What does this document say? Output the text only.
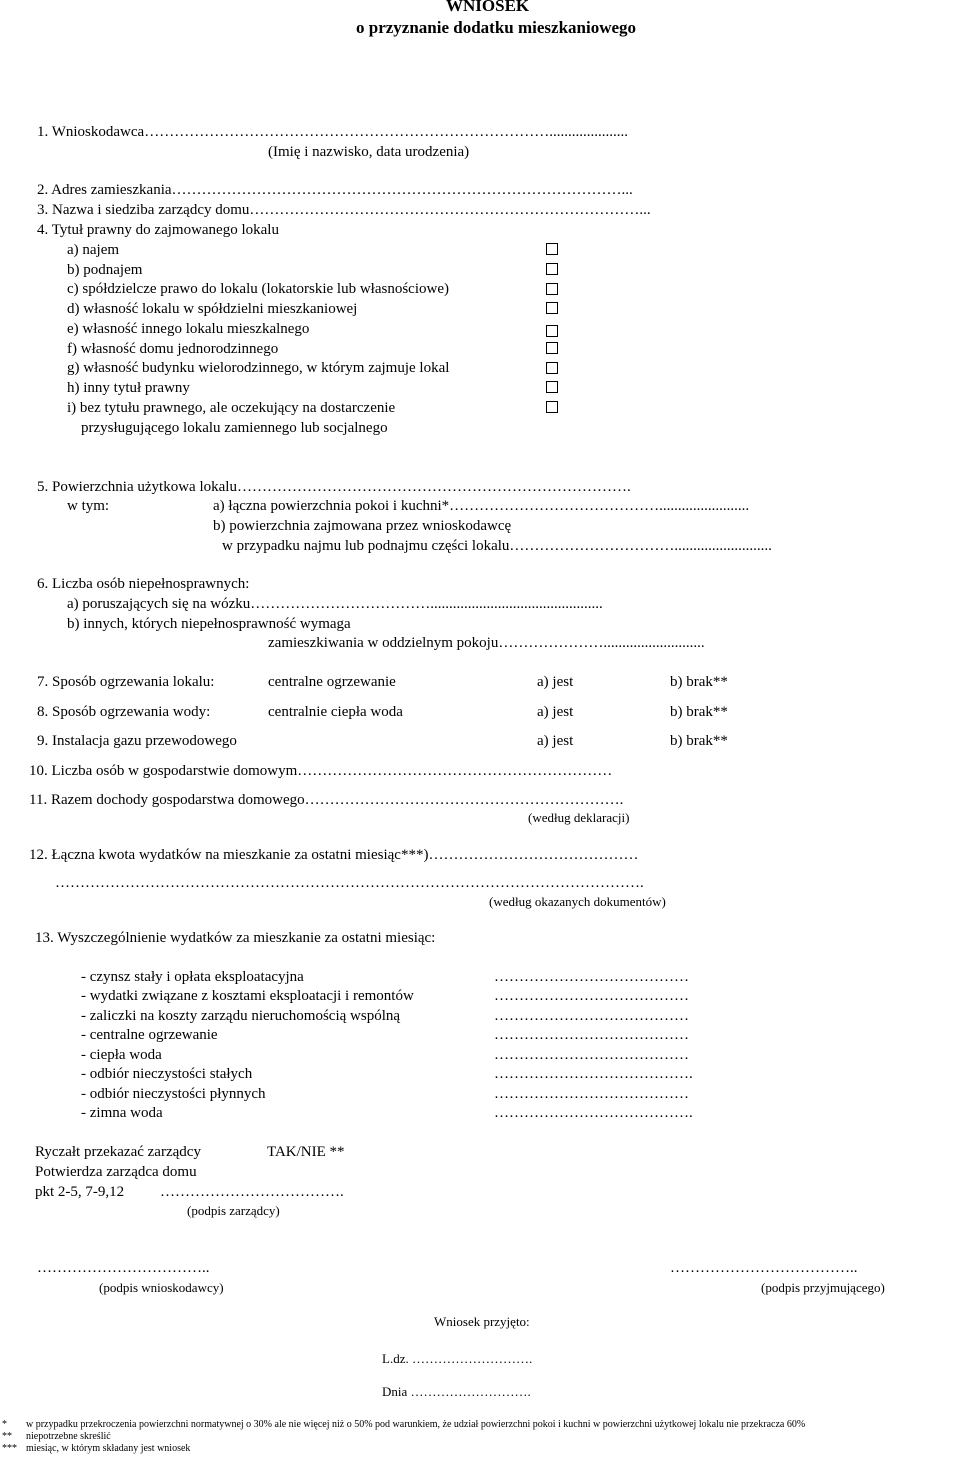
WNIOSEK
o przyznanie dodatku mieszkaniowego
1. Wnioskodawca……………………………………………………………………….....................
(Imię i nazwisko, data urodzenia)
2. Adres zamieszkania………………………………………………………………………………...
3. Nazwa i siedziba zarządcy domu……………………………………………………………………...
4. Tytuł prawny do zajmowanego lokalu
a) najem
b) podnajem
c) spółdzielcze prawo do lokalu (lokatorskie lub własnościowe)
d) własność lokalu w spółdzielni mieszkaniowej
e) własność innego lokalu mieszkalnego
f) własność domu jednorodzinnego
g) własność budynku wielorodzinnego, w którym zajmuje lokal
h) inny tytuł prawny
i) bez tytułu prawnego, ale oczekujący na dostarczenie
przysługującego lokalu zamiennego lub socjalnego
5. Powierzchnia użytkowa lokalu…………………………………………………………………….
w tym:	a) łączna powierzchnia pokoi i kuchni*……………………………………........................
b) powierzchnia zajmowana przez wnioskodawcę
w przypadku najmu lub podnajmu części lokalu……………………………..........................
6. Liczba osób niepełnosprawnych:
a) poruszających się na wózku………………………………..............................................
b) innych, których niepełnosprawność wymaga
zamieszkiwania w oddzielnym pokoju…………………...........................
7. Sposób ogrzewania lokalu:	centralne ogrzewanie	a) jest	b) brak**
8. Sposób ogrzewania wody:	centralnie ciepła woda	a) jest	b) brak**
9. Instalacja gazu przewodowego	a) jest	b) brak**
10. Liczba osób w gospodarstwie domowym………………………………………………………
11. Razem dochody gospodarstwa domowego……………………………………………………….
(według deklaracji)
12. Łączna kwota wydatków na mieszkanie za ostatni miesiąc***)……………………………………
……………………………………………………………………………………………………….
(według okazanych dokumentów)
13. Wyszczególnienie wydatków za mieszkanie za ostatni miesiąc:
- czynsz stały i opłata eksploatacyjna	…………………………………
- wydatki związane z kosztami eksploatacji i remontów	…………………………………
- zaliczki na koszty zarządu nieruchomością wspólną	…………………………………
- centralne ogrzewanie	…………………………………
- ciepła woda	…………………………………
- odbiór nieczystości stałych	………………………………….
- odbiór nieczystości płynnych	…………………………………
- zimna woda	………………………………….
Ryczałt przekazać zarządcy	TAK/NIE **
Potwierdza zarządca domu
pkt 2-5, 7-9,12 ……………………………….
(podpis zarządcy)
……………………………..
(podpis wnioskodawcy)
………………………………..
(podpis przyjmującego)
Wniosek przyjęto:
L.dz. ……………………….
Dnia ……………………….
* w przypadku przekroczenia powierzchni normatywnej o 30% ale nie więcej niż o 50% pod warunkiem, że udział powierzchni pokoi i kuchni w powierzchni użytkowej lokalu nie przekracza 60%
** niepotrzebne skreślić
*** miesiąc, w którym składany jest wniosek
